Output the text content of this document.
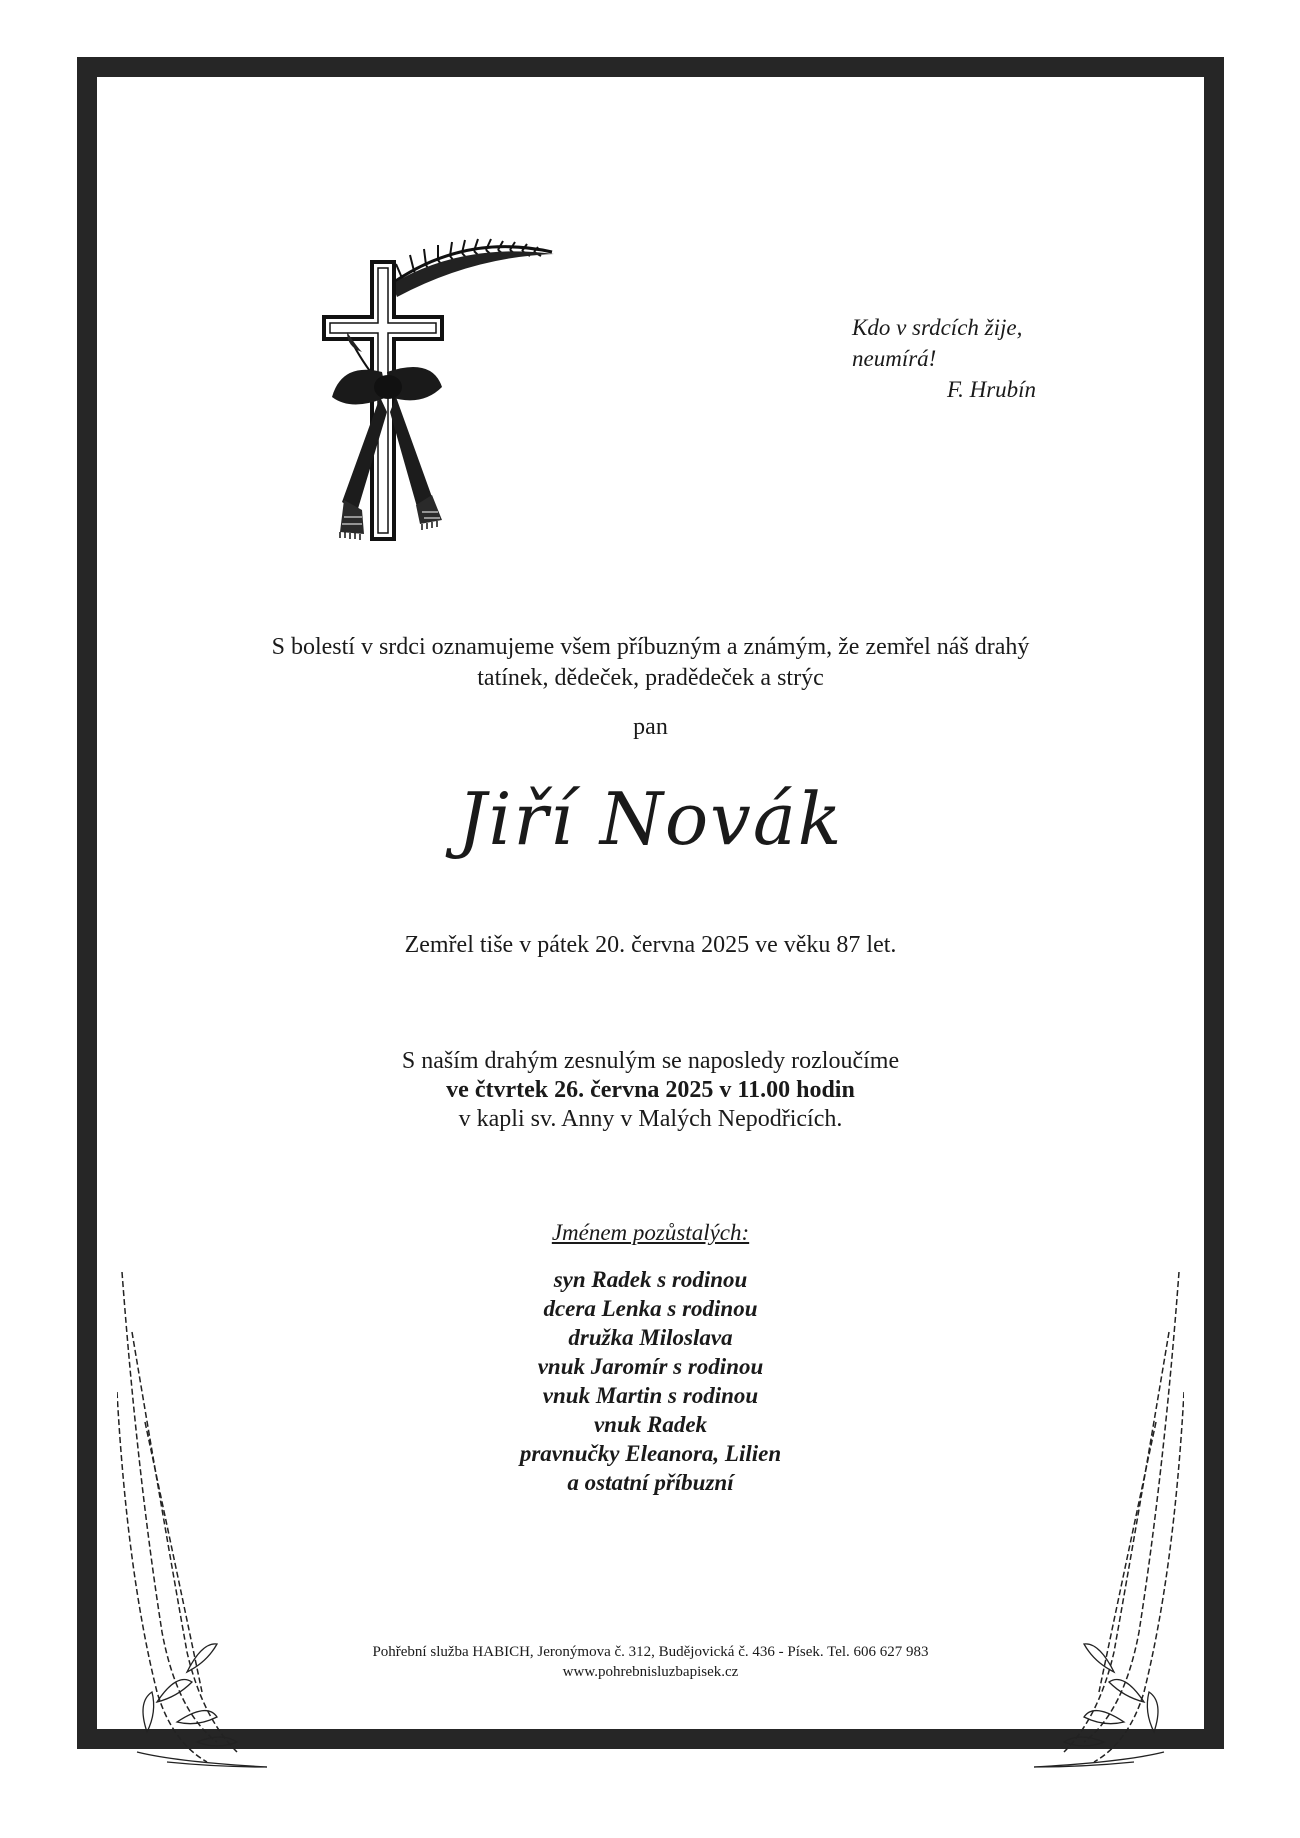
Kdo v srdcích žije,
neumírá!
F. Hrubín
S bolestí v srdci oznamujeme všem příbuzným a známým, že zemřel náš drahý
tatínek, dědeček, pradědeček a strýc
pan
Jiří Novák
Zemřel tiše v pátek 20. června 2025 ve věku 87 let.
S naším drahým zesnulým se naposledy rozloučíme
ve čtvrtek 26. června 2025 v 11.00 hodin
v kapli sv. Anny v Malých Nepodřicích.
Jménem pozůstalých:
syn Radek s rodinou
dcera Lenka s rodinou
družka Miloslava
vnuk Jaromír s rodinou
vnuk Martin s rodinou
vnuk Radek
pravnučky Eleanora, Lilien
a ostatní příbuzní
Pohřební služba HABICH, Jeronýmova č. 312, Budějovická č. 436 - Písek. Tel. 606 627 983
www.pohrebnisluzbapisek.cz
